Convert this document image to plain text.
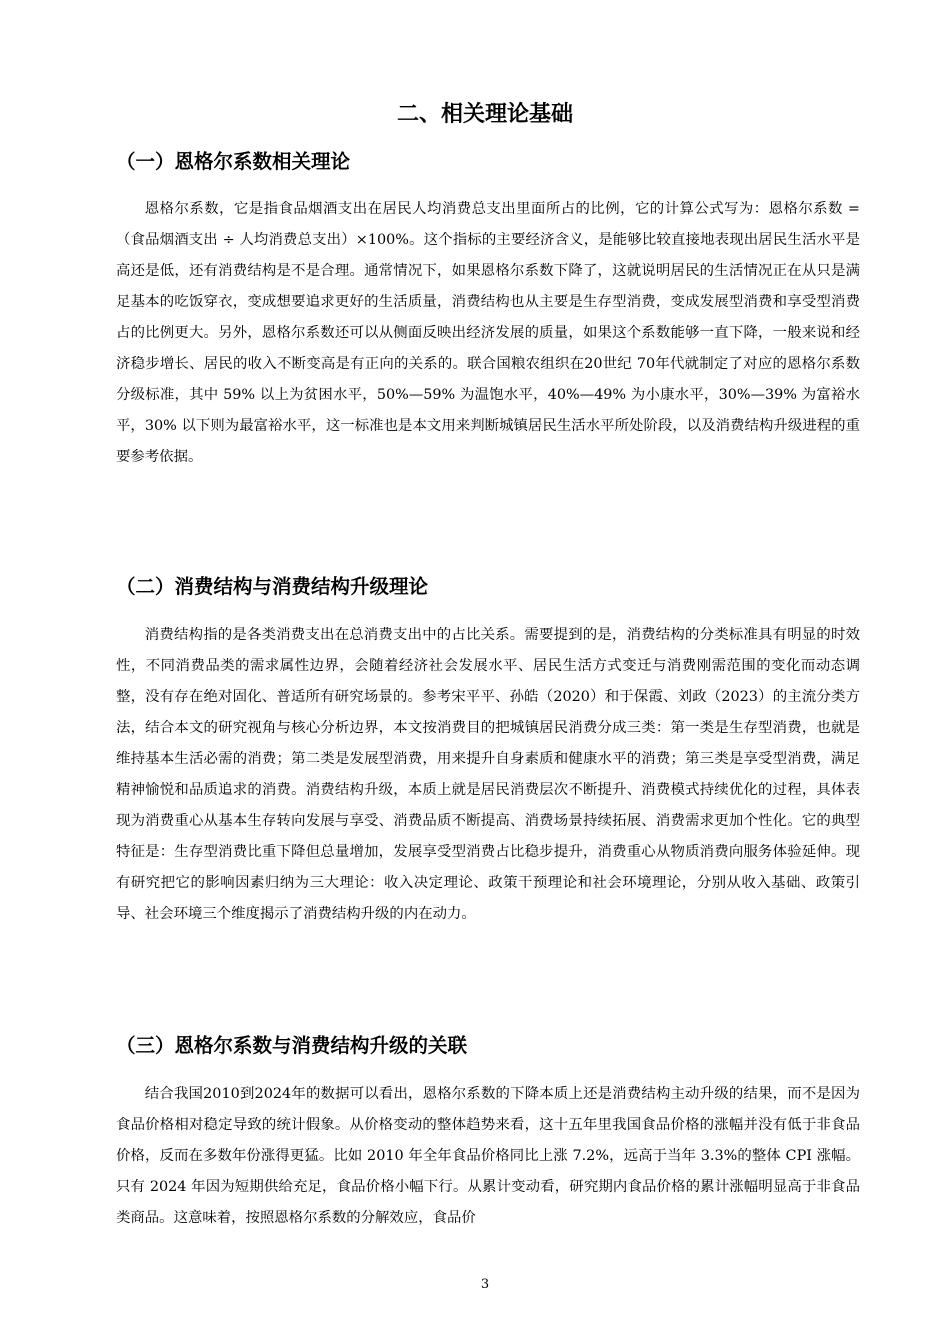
二、相关理论基础
（一）恩格尔系数相关理论

恩格尔系数，它是指食品烟酒支出在居民人均消费总支出里面所占的比例，它的计算公式写为：恩格尔系数 =（食品烟酒支出 ÷ 人均消费总支出）×100%。这个指标的主要经济含义，是能够比较直接地表现出居民生活水平是高还是低，还有消费结构是不是合理。通常情况下，如果恩格尔系数下降了，这就说明居民的生活情况正在从只是满足基本的吃饭穿衣，变成想要追求更好的生活质量，消费结构也从主要是生存型消费，变成发展型消费和享受型消费占的比例更大。另外，恩格尔系数还可以从侧面反映出经济发展的质量，如果这个系数能够一直下降，一般来说和经济稳步增长、居民的收入不断变高是有正向的关系的。联合国粮农组织在20世纪 70年代就制定了对应的恩格尔系数分级标准，其中 59% 以上为贫困水平，50%—59% 为温饱水平，40%—49% 为小康水平，30%—39% 为富裕水平，30% 以下则为最富裕水平，这一标准也是本文用来判断城镇居民生活水平所处阶段，以及消费结构升级进程的重要参考依据。

（二）消费结构与消费结构升级理论

消费结构指的是各类消费支出在总消费支出中的占比关系。需要提到的是，消费结构的分类标准具有明显的时效性，不同消费品类的需求属性边界，会随着经济社会发展水平、居民生活方式变迁与消费刚需范围的变化而动态调整，没有存在绝对固化、普适所有研究场景的。参考宋平平、孙皓（2020）和于保霞、刘政（2023）的主流分类方法，结合本文的研究视角与核心分析边界，本文按消费目的把城镇居民消费分成三类：第一类是生存型消费，也就是维持基本生活必需的消费；第二类是发展型消费，用来提升自身素质和健康水平的消费；第三类是享受型消费，满足精神愉悦和品质追求的消费。消费结构升级，本质上就是居民消费层次不断提升、消费模式持续优化的过程，具体表现为消费重心从基本生存转向发展与享受、消费品质不断提高、消费场景持续拓展、消费需求更加个性化。它的典型特征是：生存型消费比重下降但总量增加，发展享受型消费占比稳步提升，消费重心从物质消费向服务体验延伸。现有研究把它的影响因素归纳为三大理论：收入决定理论、政策干预理论和社会环境理论，分别从收入基础、政策引导、社会环境三个维度揭示了消费结构升级的内在动力。

（三）恩格尔系数与消费结构升级的关联

结合我国2010到2024年的数据可以看出，恩格尔系数的下降本质上还是消费结构主动升级的结果，而不是因为食品价格相对稳定导致的统计假象。从价格变动的整体趋势来看，这十五年里我国食品价格的涨幅并没有低于非食品价格，反而在多数年份涨得更猛。比如 2010 年全年食品价格同比上涨 7.2%，远高于当年 3.3%的整体 CPI 涨幅。只有 2024 年因为短期供给充足，食品价格小幅下行。从累计变动看，研究期内食品价格的累计涨幅明显高于非食品类商品。这意味着，按照恩格尔系数的分解效应，食品价

3
